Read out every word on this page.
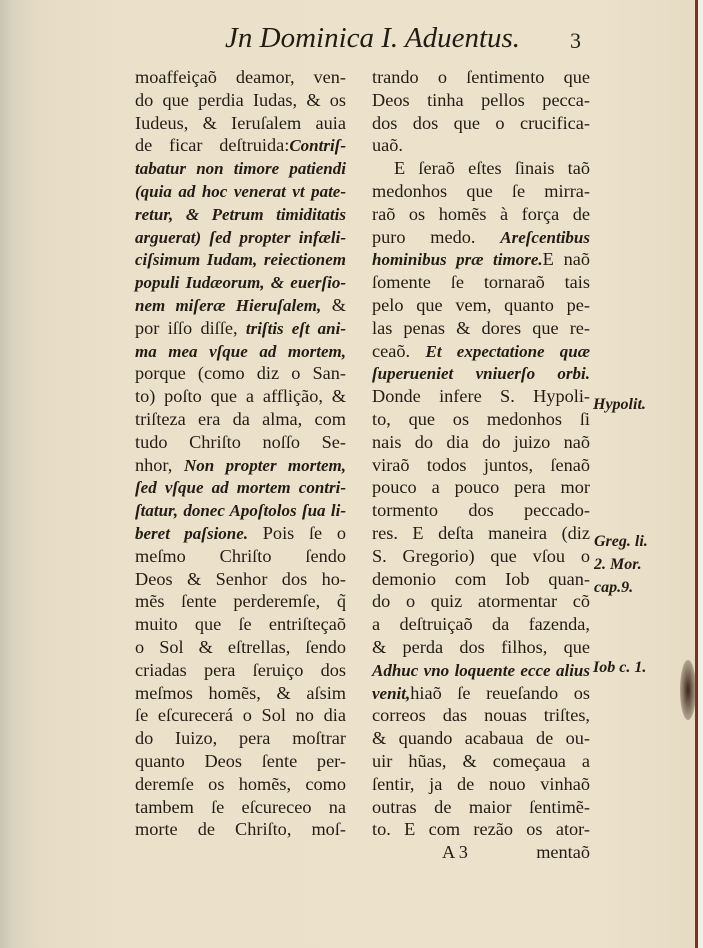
Jn Dominica I. Aduentus. 3
moaffeiçaõ deamor, ven-
do que perdia Iudas, & os
Iudeus, & Ieruſalem auia
de ficar deſtruida:Contriſ-
tabatur non timore patiendi
(quia ad hoc venerat vt pate-
retur, & Petrum timiditatis
arguerat) ſed propter infæli-
ciſsimum Iudam, reiectionem
populi Iudæorum, & euerſio-
nem miſeræ Hieruſalem, &
por iſſo diſſe, triſtis eſt ani-
ma mea vſque ad mortem,
porque (como diz o San-
to) poſto que a afflição, &
triſteza era da alma, com
tudo Chriſto noſſo Se-
nhor, Non propter mortem,
ſed vſque ad mortem contri-
ſtatur, donec Apoſtolos ſua li-
beret paſsione. Pois ſe o
meſmo Chriſto ſendo
Deos & Senhor dos ho-
mẽs ſente perderemſe, q̃
muito que ſe entriſteçaõ
o Sol & eſtrellas, ſendo
criadas pera ſeruiço dos
meſmos homẽs, & aſsim
ſe eſcurecerá o Sol no dia
do Iuizo, pera moſtrar
quanto Deos ſente per-
deremſe os homẽs, como
tambem ſe eſcureceo na
morte de Chriſto, moſ-
trando o ſentimento que
Deos tinha pellos pecca-
dos dos que o crucifica-
uaõ.
E ſeraõ eſtes ſinais taõ
medonhos que ſe mirra-
raõ os homẽs à força de
puro medo. Areſcentibus
hominibus præ timore.E naõ
ſomente ſe tornaraõ tais
pelo que vem, quanto pe-
las penas & dores que re-
ceaõ. Et expectatione quæ
ſuperueniet vniuerſo orbi.
Donde infere S. Hypoli-
to, que os medonhos ſi
nais do dia do juizo naõ
viraõ todos juntos, ſenaõ
pouco a pouco pera mor
tormento dos peccado-
res. E deſta maneira (diz
S. Gregorio) que vſou o
demonio com Iob quan-
do o quiz atormentar cõ
a deſtruiçaõ da fazenda,
& perda dos filhos, que
Adhuc vno loquente ecce alius
venit,hiaõ ſe reueſando os
correos das nouas triſtes,
& quando acabaua de ou-
uir hũas, & começaua a
ſentir, ja de nouo vinhaõ
outras de maior ſentimẽ-
to. E com rezão os ator-
A 3	mentaõ
Hypolit.
Greg. li.
2. Mor.
cap.9.
Iob c. 1.
